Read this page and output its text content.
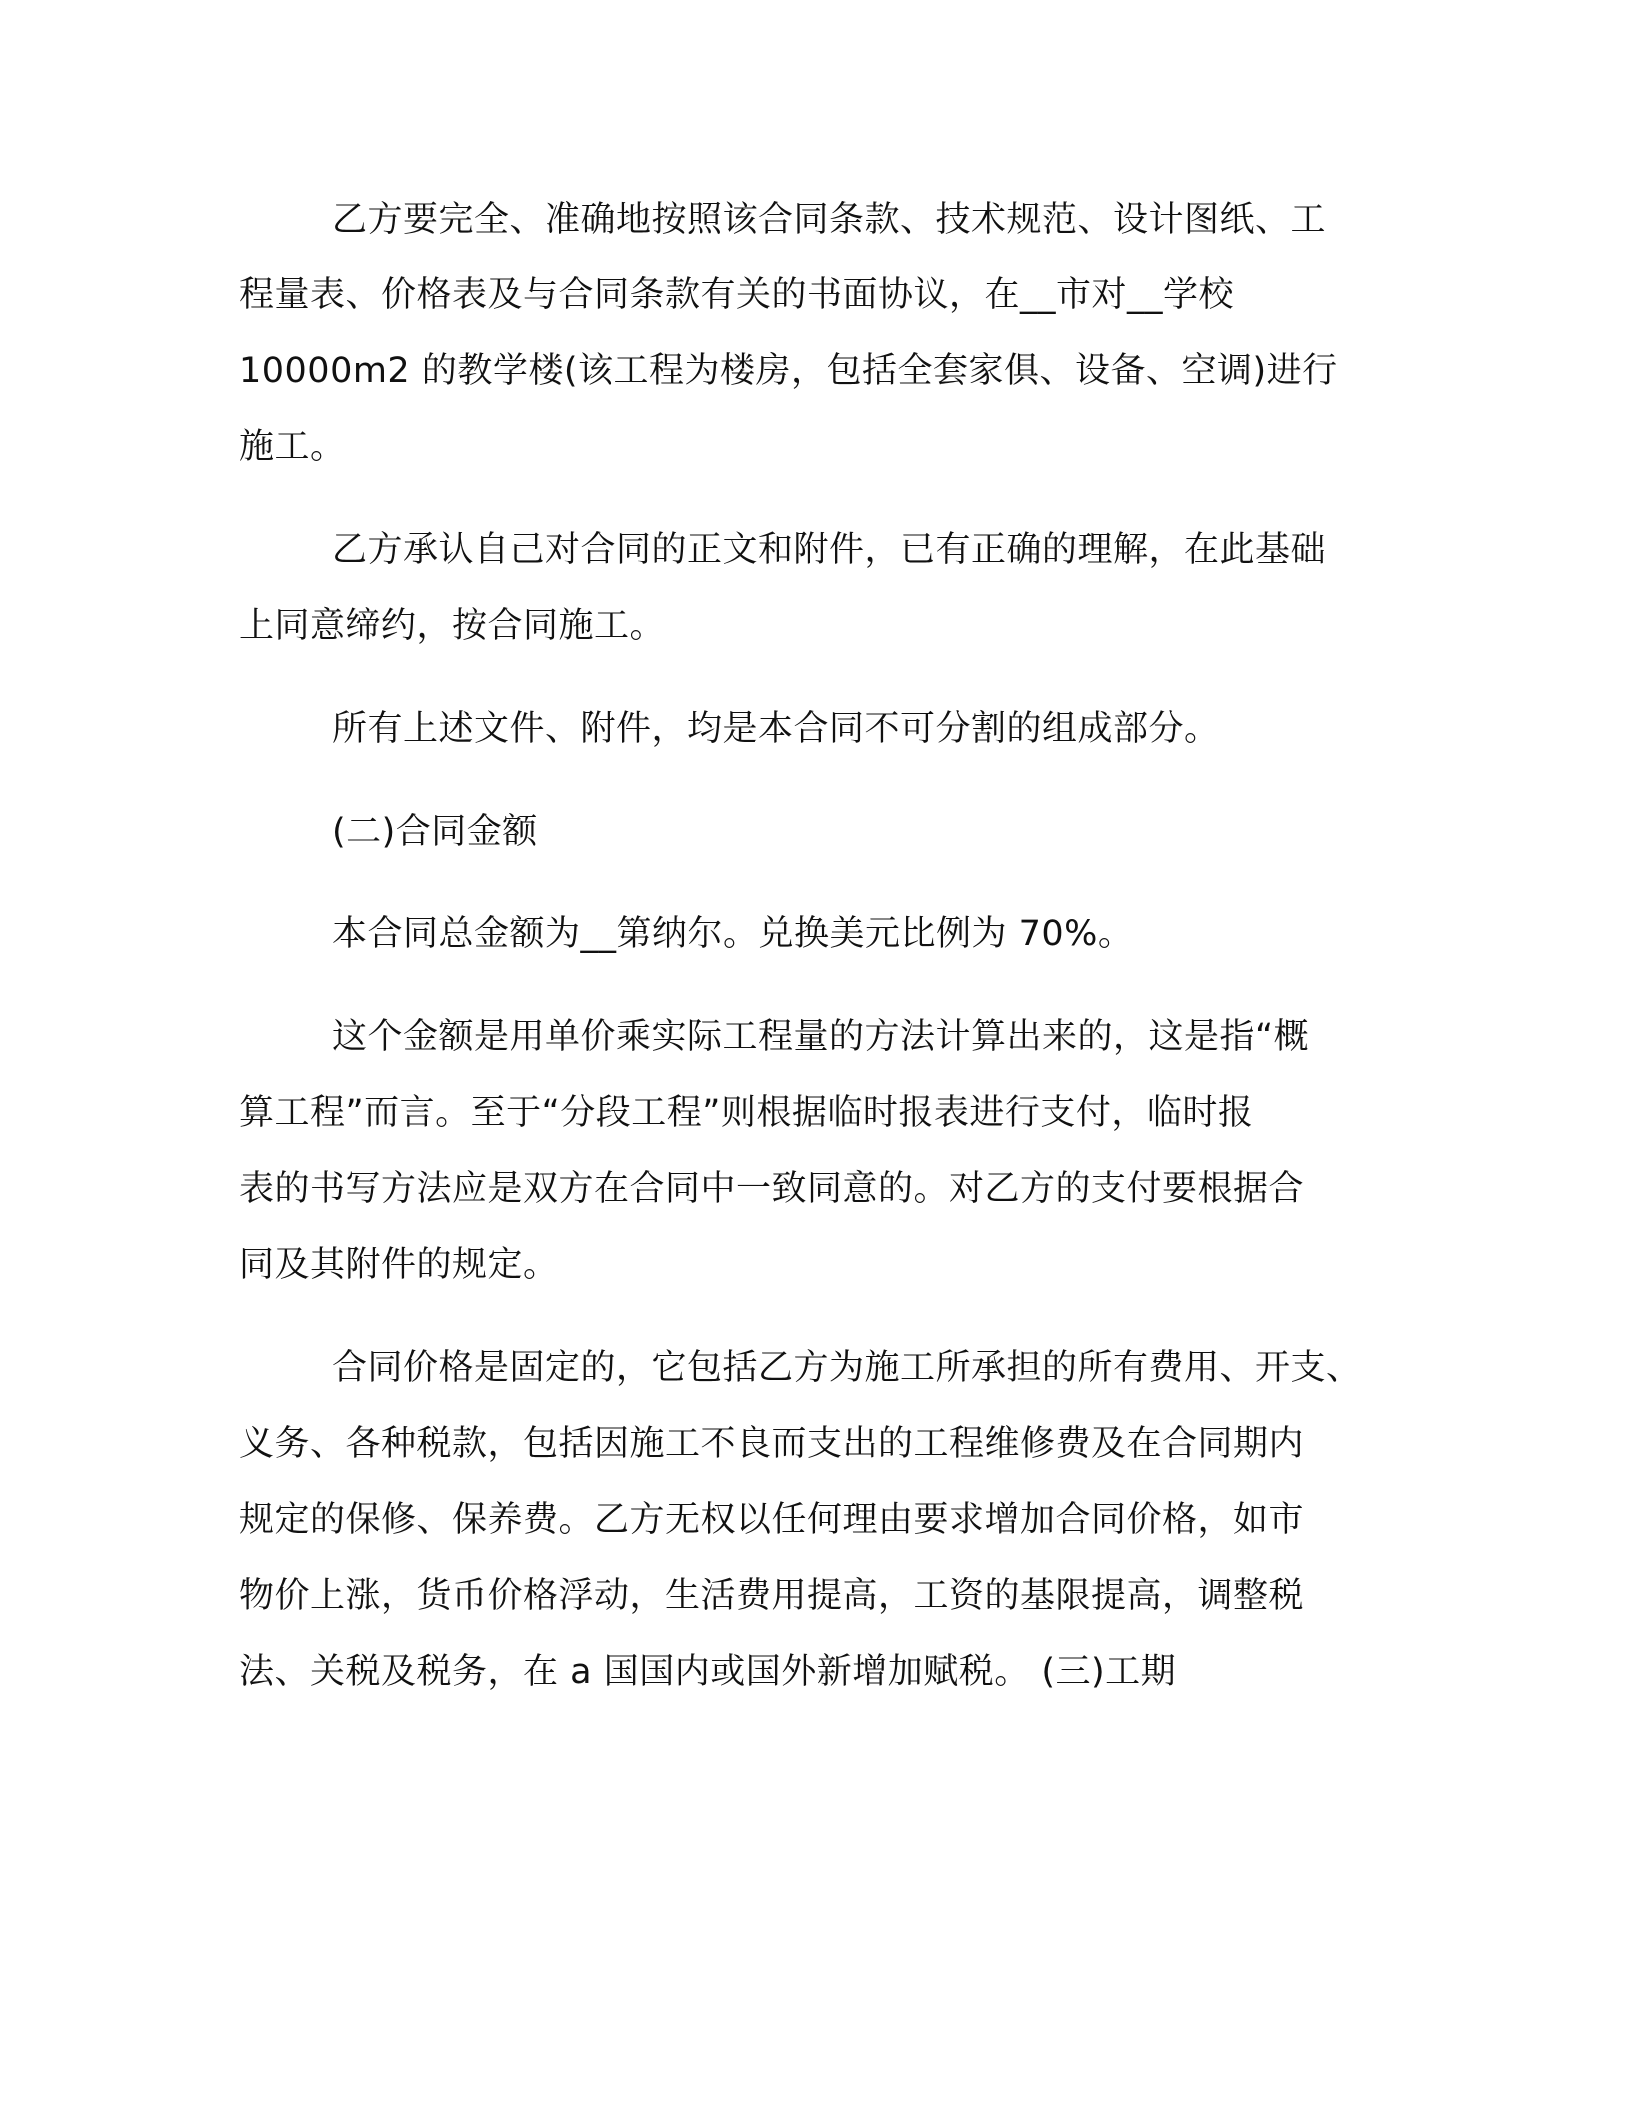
乙方要完全、准确地按照该合同条款、技术规范、设计图纸、工
程量表、价格表及与合同条款有关的书面协议，在__市对__学校
10000m2 的教学楼(该工程为楼房，包括全套家俱、设备、空调)进行
施工。
乙方承认自己对合同的正文和附件，已有正确的理解，在此基础
上同意缔约，按合同施工。
所有上述文件、附件，均是本合同不可分割的组成部分。
(二)合同金额
本合同总金额为__第纳尔。兑换美元比例为 70%。
这个金额是用单价乘实际工程量的方法计算出来的，这是指“概
算工程”而言。至于“分段工程”则根据临时报表进行支付，临时报
表的书写方法应是双方在合同中一致同意的。对乙方的支付要根据合
同及其附件的规定。
合同价格是固定的，它包括乙方为施工所承担的所有费用、开支、
义务、各种税款，包括因施工不良而支出的工程维修费及在合同期内
规定的保修、保养费。乙方无权以任何理由要求增加合同价格，如市
物价上涨，货币价格浮动，生活费用提高，工资的基限提高，调整税
法、关税及税务，在 a 国国内或国外新增加赋税。 (三)工期
